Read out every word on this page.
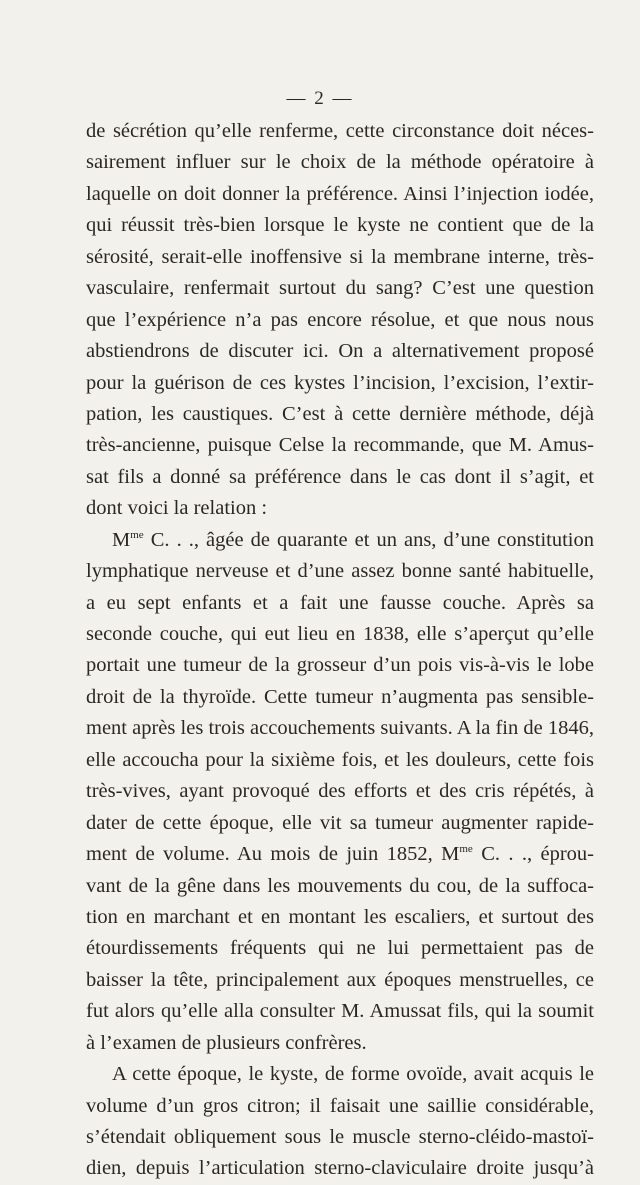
— 2 —
de sécrétion qu’elle renferme, cette circonstance doit néces-
sairement influer sur le choix de la méthode opératoire à
laquelle on doit donner la préférence. Ainsi l’injection iodée,
qui réussit très-bien lorsque le kyste ne contient que de la
sérosité, serait-elle inoffensive si la membrane interne, très-
vasculaire, renfermait surtout du sang? C’est une question
que l’expérience n’a pas encore résolue, et que nous nous
abstiendrons de discuter ici. On a alternativement proposé
pour la guérison de ces kystes l’incision, l’excision, l’extir-
pation, les caustiques. C’est à cette dernière méthode, déjà
très-ancienne, puisque Celse la recommande, que M. Amus-
sat fils a donné sa préférence dans le cas dont il s’agit, et
dont voici la relation :
$M^{me}$ C. . ., âgée de quarante et un ans, d’une constitution
lymphatique nerveuse et d’une assez bonne santé habituelle,
a eu sept enfants et a fait une fausse couche. Après sa
seconde couche, qui eut lieu en 1838, elle s’aperçut qu’elle
portait une tumeur de la grosseur d’un pois vis-à-vis le lobe
droit de la thyroïde. Cette tumeur n’augmenta pas sensible-
ment après les trois accouchements suivants. A la fin de 1846,
elle accoucha pour la sixième fois, et les douleurs, cette fois
très-vives, ayant provoqué des efforts et des cris répétés, à
dater de cette époque, elle vit sa tumeur augmenter rapide-
ment de volume. Au mois de juin 1852, $M^{me}$ C. . ., éprou-
vant de la gêne dans les mouvements du cou, de la suffoca-
tion en marchant et en montant les escaliers, et surtout des
étourdissements fréquents qui ne lui permettaient pas de
baisser la tête, principalement aux époques menstruelles, ce
fut alors qu’elle alla consulter M. Amussat fils, qui la soumit
à l’examen de plusieurs confrères.
A cette époque, le kyste, de forme ovoïde, avait acquis le
volume d’un gros citron; il faisait une saillie considérable,
s’étendait obliquement sous le muscle sterno-cléido-mastoï-
dien, depuis l’articulation sterno-claviculaire droite jusqu’à
